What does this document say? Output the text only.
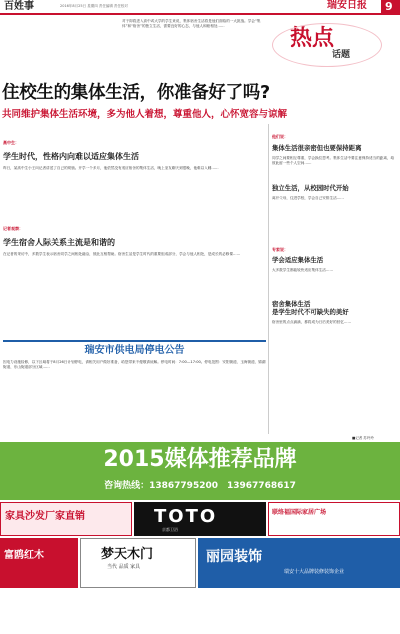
百姓事	2016年8月25日 星期四 责任编辑 责任校对	瑞安日报 9
对于即将进入高中或大学的学生来说，集体宿舍生活将是他们面临的一大挑战。学会“集体”和“宿舍”的独立生活，需要良好的心态，与他人和睦相处……	热点
话题
住校生的集体生活，你准备好了吗?
共同维护集体生活环境，多为他人着想，尊重他人，心怀宽容与谅解
高中生：
学生时代，性格内向难以适应集体生活
昨日，某高中生小王向记者讲述了自己的烦恼。开学一个多月，他依然没有适应宿舍的集体生活，晚上室友聊天到很晚，他难以入睡……
记者观察：
学生宿舍人际关系主流是和谐的
在记者的采访中，多数学生表示宿舍同学之间相处融洽，彼此互相帮助。宿舍生活是学生时代的重要组成部分，学会与他人相处，是成长的必修课……
他们说：
集体生活很亲密但也要保持距离
同学之间要相互尊重，学会换位思考。集体生活中要注意保持适当的距离，给彼此留一些个人空间……
独立生活，从校园时代开始
离开父母，住进学校，学会自己安排生活……
专家说：
学会适应集体生活
大多数学生都能较快适应集体生活……
宿舍集体生活
是学生时代不可缺失的美好
宿舍里的点点滴滴，都将成为日后美好的回忆……
■记者 苏玲玲
瑞安市供电局停电公告
因电力设施检修，以下区域将于8月26日计划停电，请相关用户做好准备，给您带来不便敬请谅解。停电时间：7:00—17:00。停电范围：安阳街道、玉海街道、锦湖街道、东山街道部分区域……
2015媒体推荐品牌
咨询热线：13867795200　13967768617
家具沙发厂家直销	TOTO
京都卫浴
联络福国际家居广场
富鸥红木	梦天木门
当代 品质 家具
丽园装饰
瑞安十大品牌装修装饰企业
